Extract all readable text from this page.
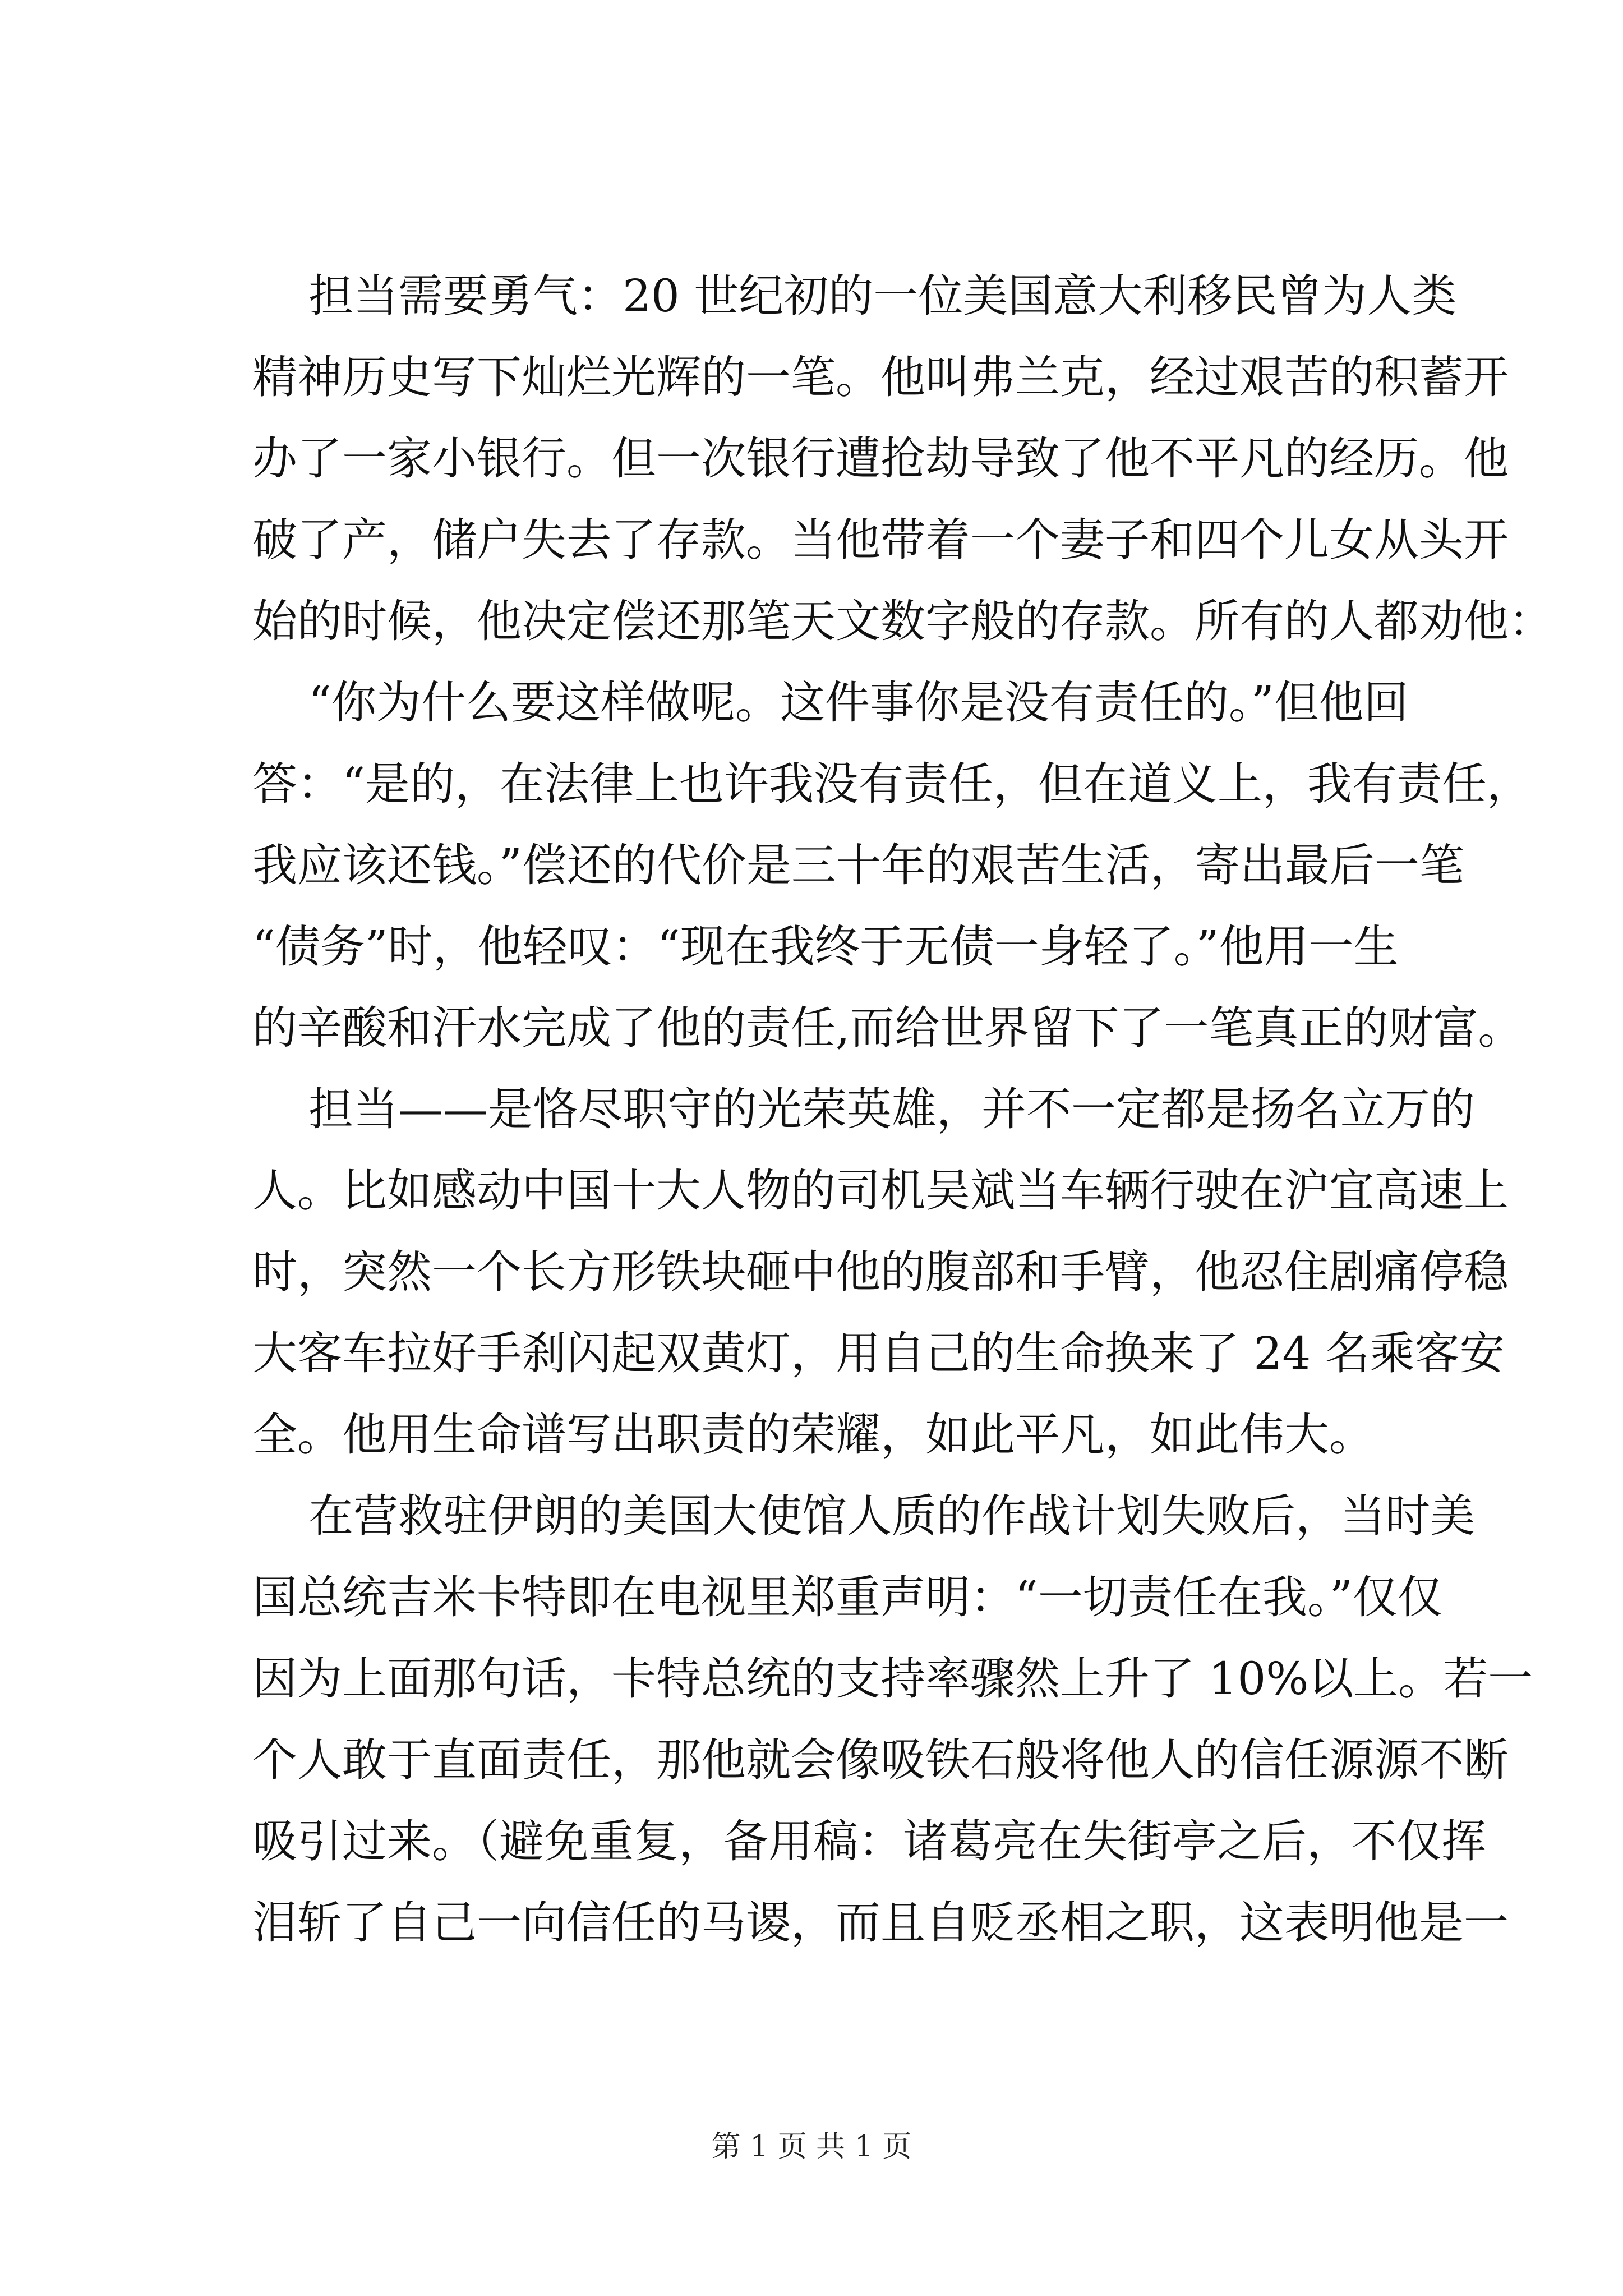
担当需要勇气：20 世纪初的一位美国意大利移民曾为人类
精神历史写下灿烂光辉的一笔。他叫弗兰克，经过艰苦的积蓄开
办了一家小银行。但一次银行遭抢劫导致了他不平凡的经历。他
破了产，储户失去了存款。当他带着一个妻子和四个儿女从头开
始的时候，他决定偿还那笔天文数字般的存款。所有的人都劝他：
“你为什么要这样做呢。这件事你是没有责任的。”但他回
答：“是的，在法律上也许我没有责任，但在道义上，我有责任，
我应该还钱。”偿还的代价是三十年的艰苦生活，寄出最后一笔
“债务”时，他轻叹：“现在我终于无债一身轻了。”他用一生
的辛酸和汗水完成了他的责任,而给世界留下了一笔真正的财富。
担当——是恪尽职守的光荣英雄，并不一定都是扬名立万的
人。比如感动中国十大人物的司机吴斌当车辆行驶在沪宜高速上
时，突然一个长方形铁块砸中他的腹部和手臂，他忍住剧痛停稳
大客车拉好手刹闪起双黄灯，用自己的生命换来了 24 名乘客安
全。他用生命谱写出职责的荣耀，如此平凡，如此伟大。
在营救驻伊朗的美国大使馆人质的作战计划失败后，当时美
国总统吉米卡特即在电视里郑重声明：“一切责任在我。”仅仅
因为上面那句话，卡特总统的支持率骤然上升了 10%以上。若一
个人敢于直面责任，那他就会像吸铁石般将他人的信任源源不断
吸引过来。（避免重复，备用稿：诸葛亮在失街亭之后，不仅挥
泪斩了自己一向信任的马谡，而且自贬丞相之职，这表明他是一
第 1 页 共 1 页
